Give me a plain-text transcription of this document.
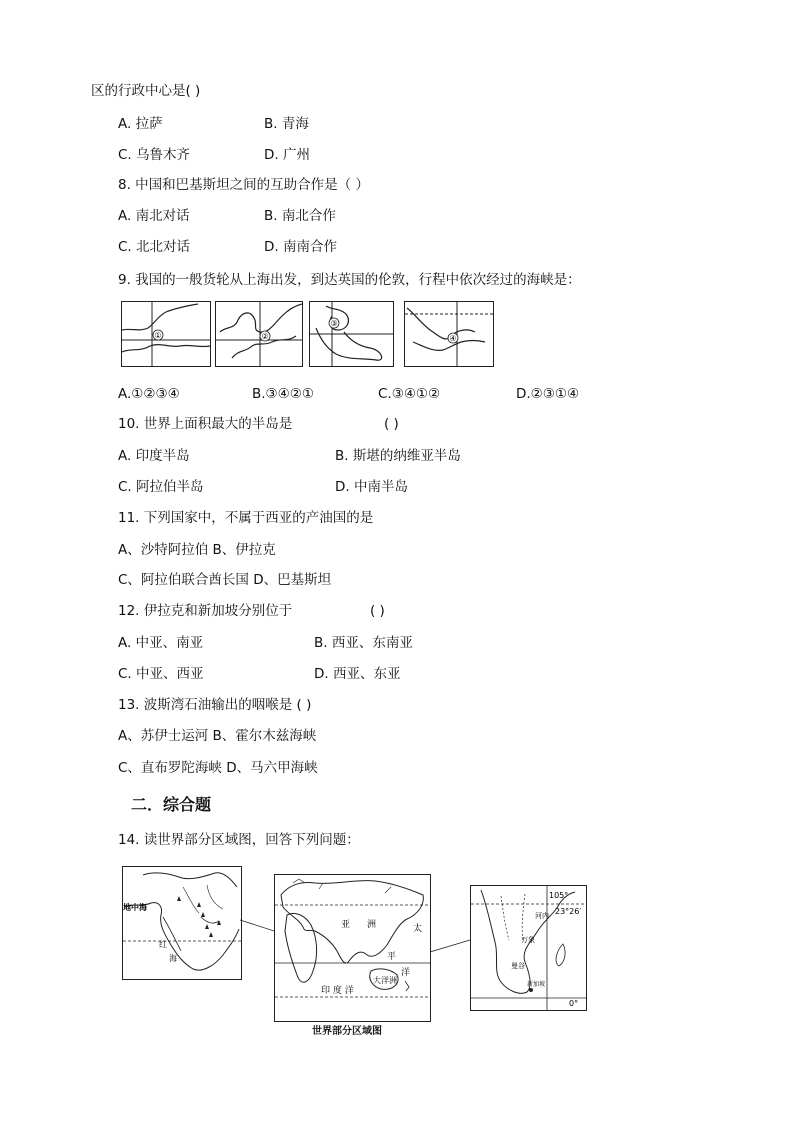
区的行政中心是( )
A. 拉萨	B. 青海
C. 乌鲁木齐	D. 广州
8. 中国和巴基斯坦之间的互助合作是（ ）
A. 南北对话	B. 南北合作
C. 北北对话	D. 南南合作
9. 我国的一般货轮从上海出发，到达英国的伦敦，行程中依次经过的海峡是：
①	②
③
④
A.①②③④	B.③④②①	C.③④①②	D.②③①④
10. 世界上面积最大的半岛是	( )
A. 印度半岛	B. 斯堪的纳维亚半岛
C. 阿拉伯半岛	D. 中南半岛
11. 下列国家中，不属于西亚的产油国的是
A、沙特阿拉伯 B、伊拉克
C、阿拉伯联合酋长国 D、巴基斯坦
12. 伊拉克和新加坡分别位于	( )
A. 中亚、南亚	B. 西亚、东南亚
C. 中亚、西亚	D. 西亚、东亚
13. 波斯湾石油输出的咽喉是 ( )
A、苏伊士运河 B、霍尔木兹海峡
C、直布罗陀海峡 D、马六甲海峡
二．综合题
14. 读世界部分区域图，回答下列问题：
地中海
红
海
亚 洲	太
平
洋
大洋洲
印 度 洋
世界部分区域图
105°
23°26′
0°
万象
曼谷
河内
新加坡
